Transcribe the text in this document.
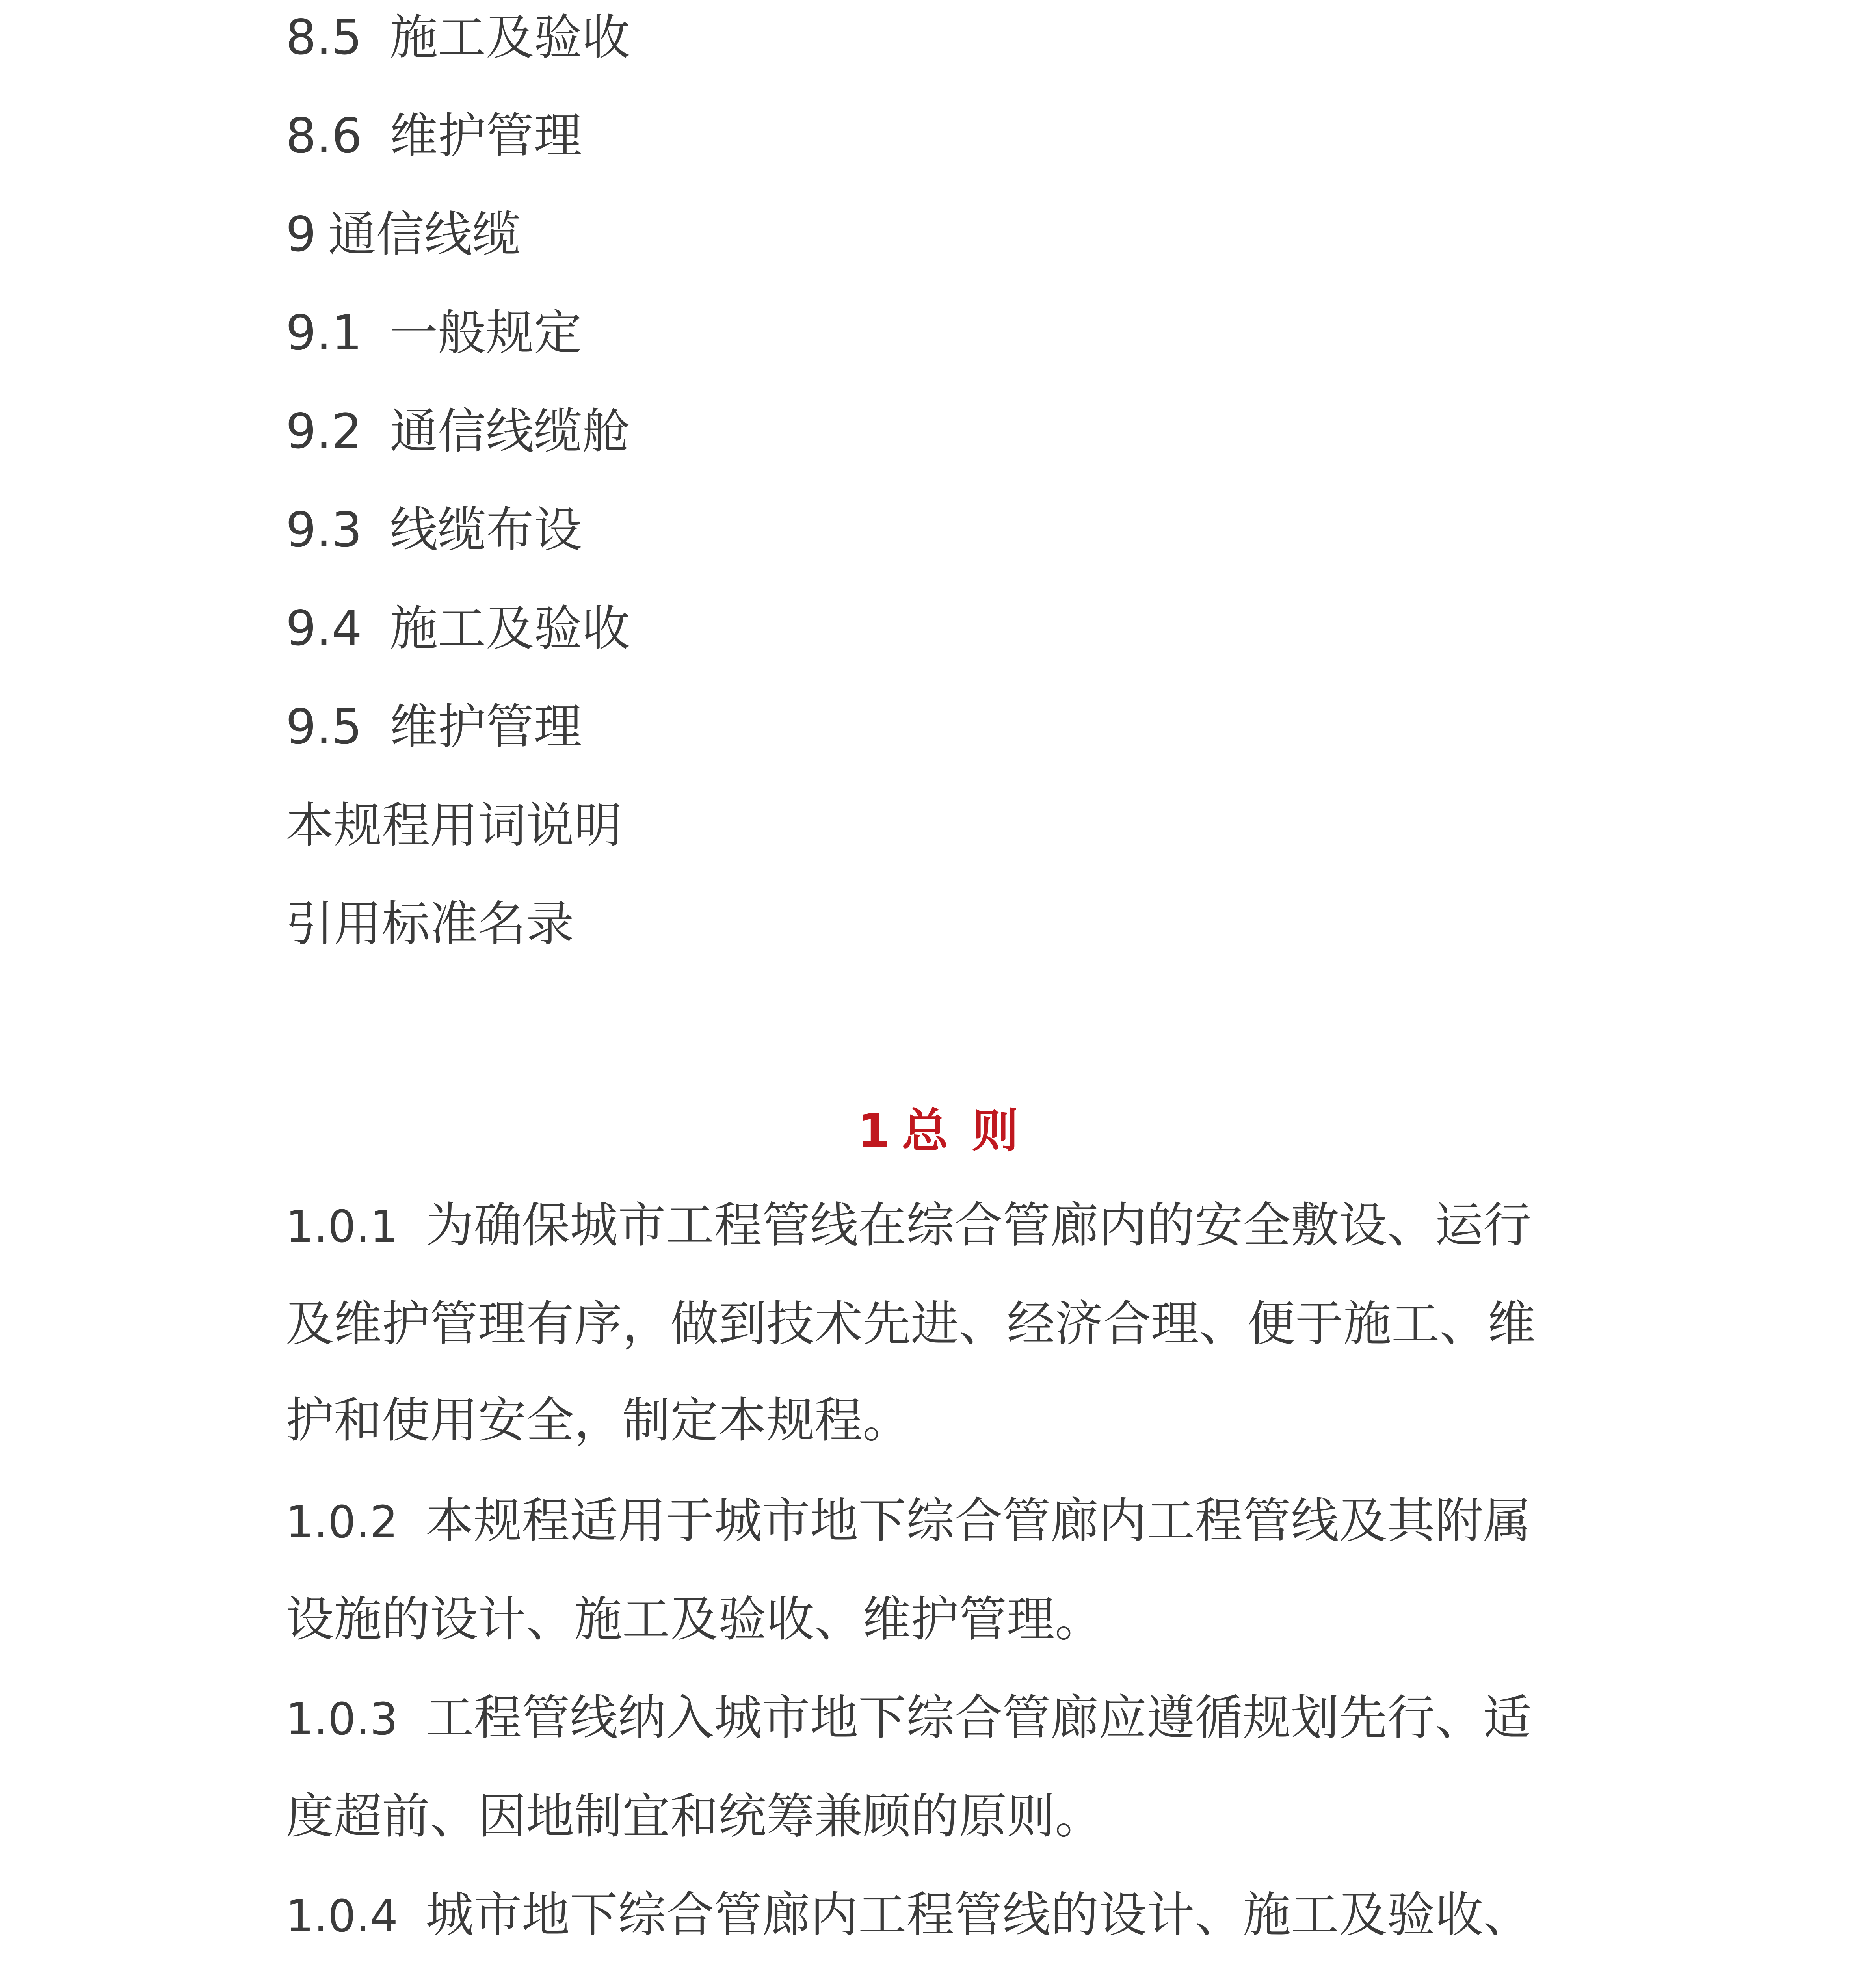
8.5 施工及验收
8.6 维护管理
9 通信线缆
9.1 一般规定
9.2 通信线缆舱
9.3 线缆布设
9.4 施工及验收
9.5 维护管理
本规程用词说明
引用标准名录
1 总 则
1.0.1 为确保城市工程管线在综合管廊内的安全敷设、运行
及维护管理有序，做到技术先进、经济合理、便于施工、维
护和使用安全，制定本规程。
1.0.2 本规程适用于城市地下综合管廊内工程管线及其附属
设施的设计、施工及验收、维护管理。
1.0.3 工程管线纳入城市地下综合管廊应遵循规划先行、适
度超前、因地制宜和统筹兼顾的原则。
1.0.4 城市地下综合管廊内工程管线的设计、施工及验收、
